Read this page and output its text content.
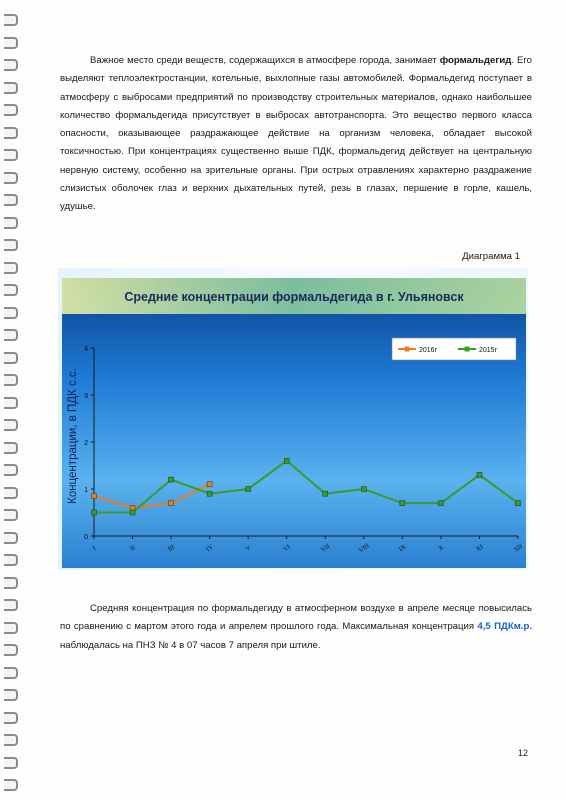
Важное место среди веществ, содержащихся в атмосфере города, занимает формальдегид. Его выделяют теплоэлектростанции, котельные, выхлопные газы автомобилей. Формальдегид поступает в атмосферу с выбросами предприятий по производству строительных материалов, однако наибольшее количество формальдегида присутствует в выбросах автотранспорта. Это вещество первого класса опасности, оказывающее раздражающее действие на организм человека, обладает высокой токсичностью. При концентрациях существенно выше ПДК, формальдегид действует на центральную нервную систему, особенно на зрительные органы. При острых отравлениях характерно раздражение слизистых оболочек глаз и верхних дыхательных путей, резь в глазах, першение в горле, кашель, удушье.

Диаграмма 1
Средние концентрации формальдегида в г. Ульяновск
Концентрации, в ПДК с.с.
0
1
2
3
4
I	II	III	IV	V	VI	VII	VIII	IX	X	XI	XII
2016г	2015г

Средняя концентрация по формальдегиду в атмосферном воздухе в апреле месяце повысилась по сравнению с мартом этого года и апрелем прошлого года. Максимальная концентрация 4,5 ПДКм.р. наблюдалась на ПНЗ № 4 в 07 часов 7 апреля при штиле.

12
